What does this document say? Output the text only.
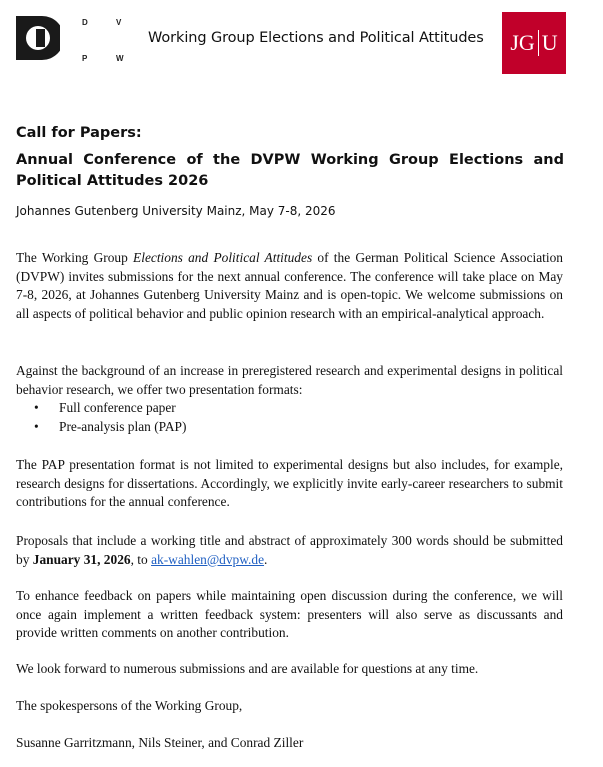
D	V
P	W
Working Group Elections and Political Attitudes JG U
Call for Papers:
Annual Conference of the DVPW Working Group Elections and Political Attitudes 2026
Johannes Gutenberg University Mainz, May 7-8, 2026
The Working Group Elections and Political Attitudes of the German Political Science Association (DVPW) invites submissions for the next annual conference. The conference will take place on May 7-8, 2026, at Johannes Gutenberg University Mainz and is open-topic. We welcome submissions on all aspects of political behavior and public opinion research with an empirical-analytical approach.
Against the background of an increase in preregistered research and experimental designs in political behavior research, we offer two presentation formats:
• Full conference paper
• Pre-analysis plan (PAP)
The PAP presentation format is not limited to experimental designs but also includes, for example, research designs for dissertations. Accordingly, we explicitly invite early-career researchers to submit contributions for the annual conference.
Proposals that include a working title and abstract of approximately 300 words should be submitted by January 31, 2026, to ak-wahlen@dvpw.de.
To enhance feedback on papers while maintaining open discussion during the conference, we will once again implement a written feedback system: presenters will also serve as discussants and provide written comments on another contribution.
We look forward to numerous submissions and are available for questions at any time.
The spokespersons of the Working Group,
Susanne Garritzmann, Nils Steiner, and Conrad Ziller
